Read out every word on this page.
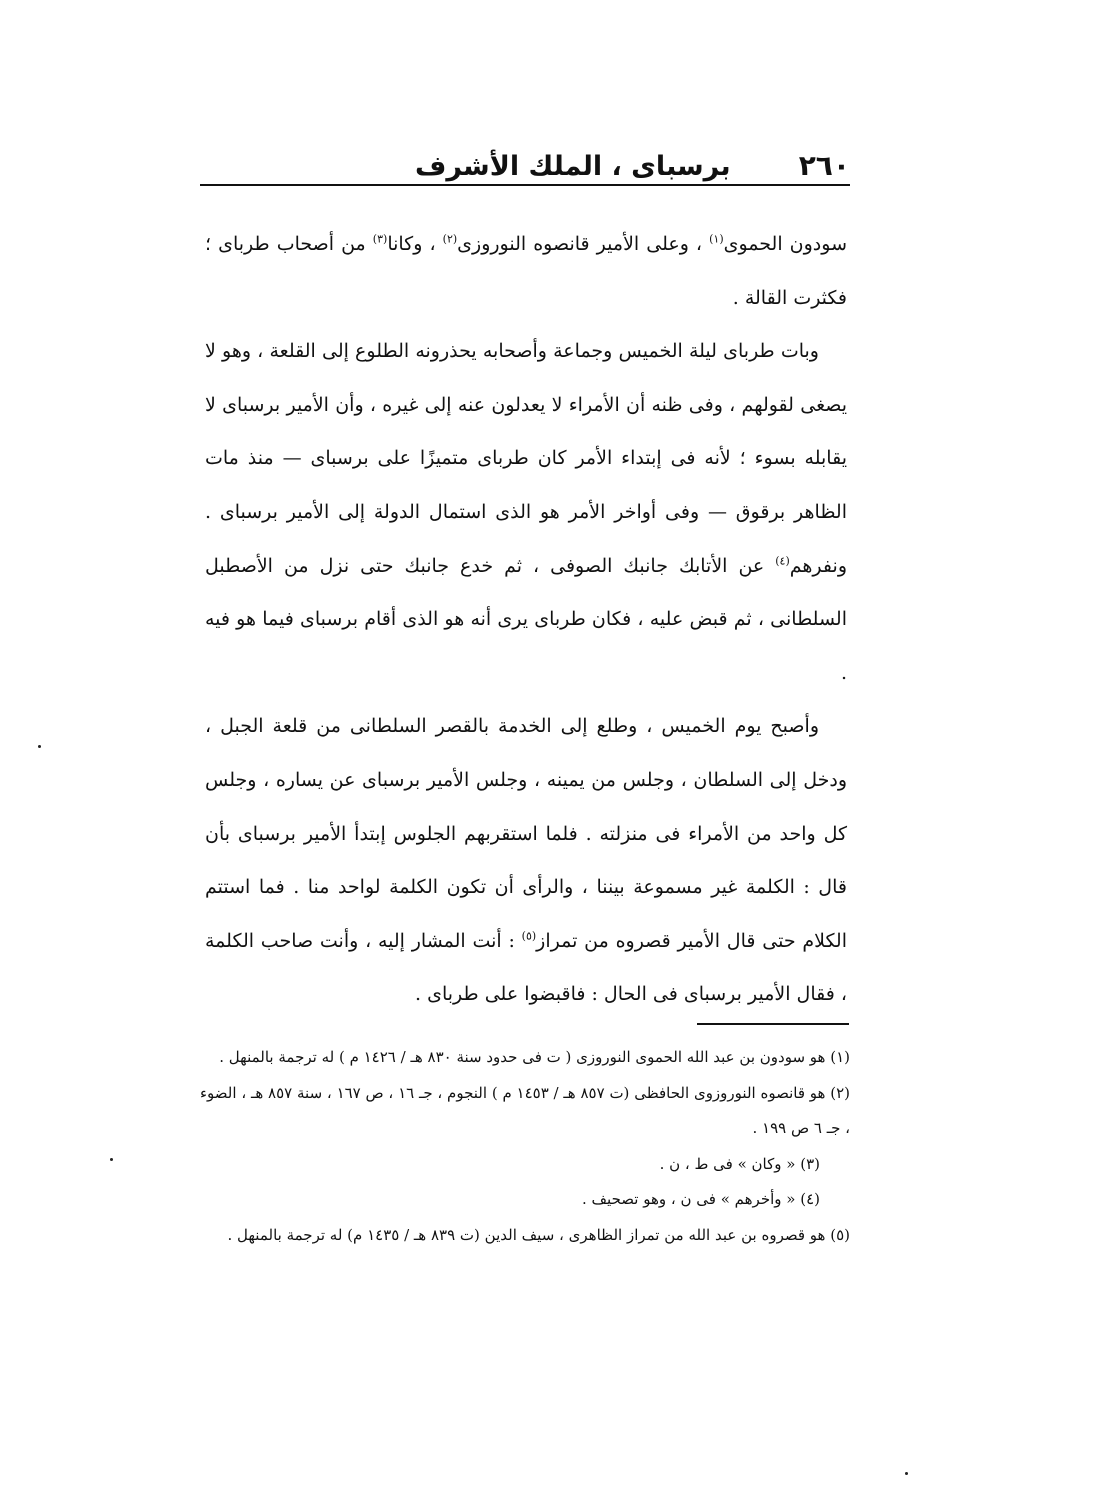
٢٦٠
برسباى ، الملك الأشرف

سودون الحموى$^{(١)}$ ، وعلى الأمير قانصوه النوروزى$^{(٢)}$ ، وكانا$^{(٣)}$ من أصحاب طرباى ؛ فكثرت القالة .

وبات طرباى ليلة الخميس وجماعة وأصحابه يحذرونه الطلوع إلى القلعة ، وهو لا يصغى لقولهم ، وفى ظنه أن الأمراء لا يعدلون عنه إلى غيره ، وأن الأمير برسباى لا يقابله بسوء ؛ لأنه فى إبتداء الأمر كان طرباى متميزًا على برسباى — منذ مات الظاهر برقوق — وفى أواخر الأمر هو الذى استمال الدولة إلى الأمير برسباى . ونفرهم$^{(٤)}$ عن الأتابك جانبك الصوفى ، ثم خدع جانبك حتى نزل من الأصطبل السلطانى ، ثم قبض عليه ، فكان طرباى يرى أنه هو الذى أقام برسباى فيما هو فيه .

وأصبح يوم الخميس ، وطلع إلى الخدمة بالقصر السلطانى من قلعة الجبل ، ودخل إلى السلطان ، وجلس من يمينه ، وجلس الأمير برسباى عن يساره ، وجلس كل واحد من الأمراء فى منزلته . فلما استقربهم الجلوس إبتدأ الأمير برسباى بأن قال : الكلمة غير مسموعة بيننا ، والرأى أن تكون الكلمة لواحد منا . فما استتم الكلام حتى قال الأمير قصروه من تمراز$^{(٥)}$ : أنت المشار إليه ، وأنت صاحب الكلمة ، فقال الأمير برسباى فى الحال : فاقبضوا على طرباى .

(١) هو سودون بن عبد الله الحموى النوروزى ( ت فى حدود سنة ٨٣٠ هـ / ١٤٢٦ م ) له ترجمة بالمنهل .

(٢) هو قانصوه النوروزوى الحافظى (ت ٨٥٧ هـ / ١٤٥٣ م ) النجوم ، جـ ١٦ ، ص ١٦٧ ، سنة ٨٥٧ هـ ، الضوء ، جـ ٦ ص ١٩٩ .

(٣) « وكان » فى ط ، ن .

(٤) « وأخرهم » فى ن ، وهو تصحيف .

(٥) هو قصروه بن عبد الله من تمراز الظاهرى ، سيف الدين (ت ٨٣٩ هـ / ١٤٣٥ م) له ترجمة بالمنهل .
